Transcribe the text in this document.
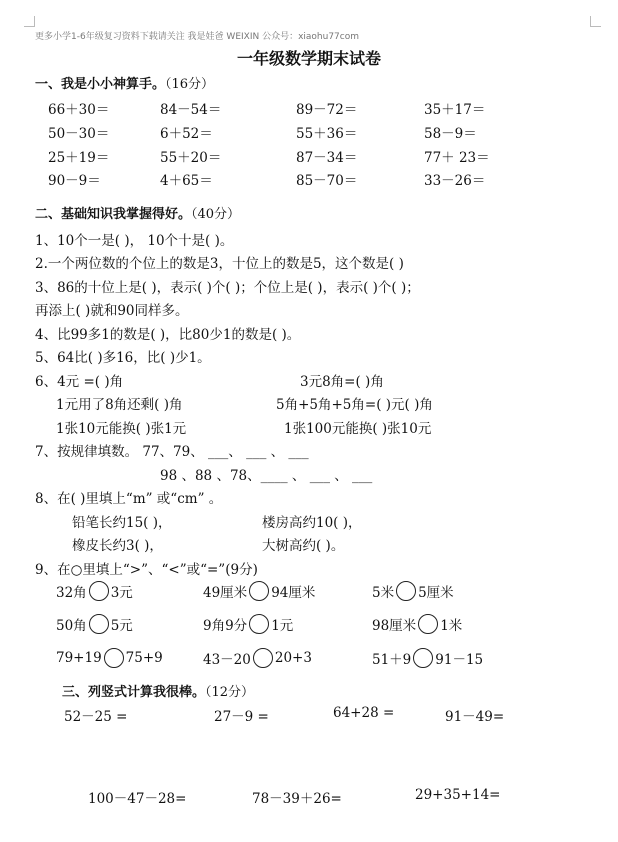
更多小学1-6年级复习资料下载请关注 我是娃爸 WEIXIN 公众号：xiaohu77com
一年级数学期末试卷
一、我是小小神算手。（16分）
66＋30＝	84－54＝	89－72＝	35＋17＝
50－30＝	6＋52＝	55＋36＝	58－9＝
25＋19＝	55＋20＝	87－34＝	77＋ 23＝
90－9＝	4＋65＝	85－70＝	33－26＝
二、基础知识我掌握得好。（40分）
1、10个一是( )， 10个十是( )。
2.一个两位数的个位上的数是3，十位上的数是5，这个数是( )
3、86的十位上是( )，表示( )个( )；个位上是( )，表示( )个( )；
再添上( )就和90同样多。
4、比99多1的数是( )，比80少1的数是( )。
5、64比( )多16，比( )少1。
6、4元 =( )角	3元8角=( )角
1元用了8角还剩( )角	5角+5角+5角=( )元( )角
1张10元能换( )张1元	1张100元能换( )张10元
7、按规律填数。 77、79、 ___、 ___ 、 ___
98 、88 、78、____ 、 ___ 、 ___
8、在( )里填上“m” 或“cm” 。
铅笔长约15( )，	楼房高约10( )，
橡皮长约3( )，	大树高约( )。
9、在○里填上“>”、“<”或“=”(9分)
32角 3元	49厘米 94厘米	5米 5厘米
50角 5元	9角9分 1元	98厘米 1米
79+19 75+9	43－20 20+3	51＋9 91－15
三、列竖式计算我很棒。（12分）
52－25 =	27－9 =	64+28 =	91－49=
100－47－28=	78－39＋26=	29+35+14=
